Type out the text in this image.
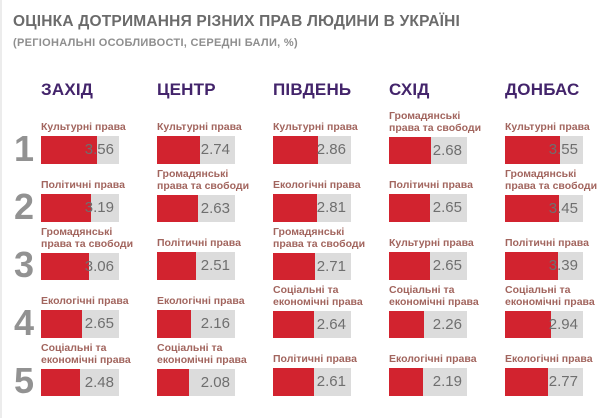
ОЦІНКА ДОТРИМАННЯ РІЗНИХ ПРАВ ЛЮДИНИ В УКРАЇНІ
(РЕГІОНАЛЬНІ ОСОБЛИВОСТІ, СЕРЕДНІ БАЛИ, %)
ЗАХІД	ЦЕНТР	ПІВДЕНЬ	СХІД	ДОНБАС
1
Культурні права
3.56
Культурні права
2.74
Культурні права
2.86
Громадянські права та свободи
2.68
Культурні права
3.55
2
Політичні права
3.19
Громадянські права та свободи
2.63
Екологічні права
2.81
Політичні права
2.65
Громадянські права та свободи
3.45
3
Громадянські права та свободи
3.06
Політичні права
2.51
Громадянські права та свободи
2.71
Культурні права
2.65
Політичні права
3.39
4
Екологічні права
2.65
Екологічні права
2.16
Соціальні та економічні права
2.64
Соціальні та економічні права
2.26
Соціальні та економічні права
2.94
5
Соціальні та економічні права
2.48
Соціальні та економічні права
2.08
Політичні права
2.61
Екологічні права
2.19
Екологічні права
2.77
